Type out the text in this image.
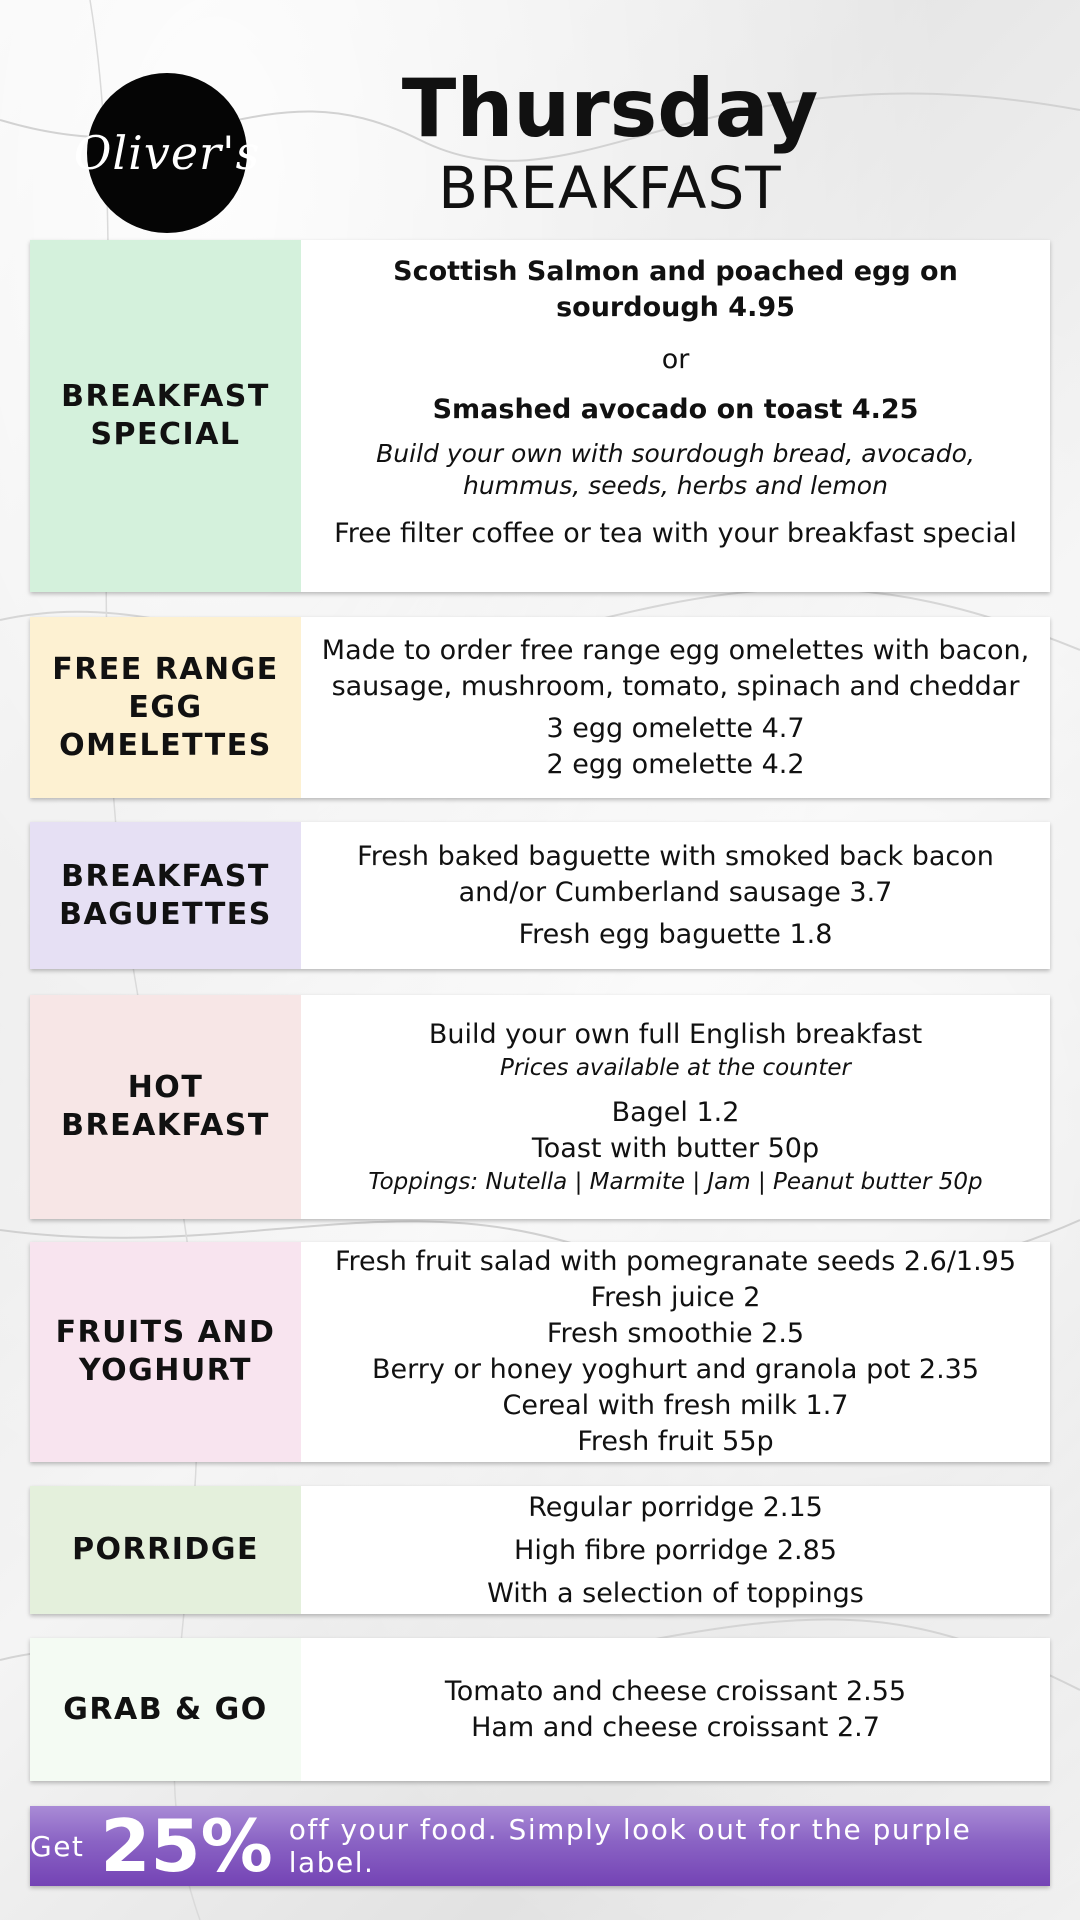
Oliver's Thursday
BREAKFAST
BREAKFAST SPECIAL
Scottish Salmon and poached egg on sourdough 4.95
or
Smashed avocado on toast 4.25
Build your own with sourdough bread, avocado, hummus, seeds, herbs and lemon
Free filter coffee or tea with your breakfast special
FREE RANGE EGG OMELETTES
Made to order free range egg omelettes with bacon, sausage, mushroom, tomato, spinach and cheddar
3 egg omelette 4.7
2 egg omelette 4.2
BREAKFAST BAGUETTES
Fresh baked baguette with smoked back bacon and/or Cumberland sausage 3.7
Fresh egg baguette 1.8
HOT BREAKFAST
Build your own full English breakfast
Prices available at the counter
Bagel 1.2
Toast with butter 50p
Toppings: Nutella | Marmite | Jam | Peanut butter 50p
FRUITS AND YOGHURT
Fresh fruit salad with pomegranate seeds 2.6/1.95
Fresh juice 2
Fresh smoothie 2.5
Berry or honey yoghurt and granola pot 2.35
Cereal with fresh milk 1.7
Fresh fruit 55p
PORRIDGE
Regular porridge 2.15
High fibre porridge 2.85
With a selection of toppings
GRAB & GO
Tomato and cheese croissant 2.55
Ham and cheese croissant 2.7
Get 25% off your food. Simply look out for the purple label.
